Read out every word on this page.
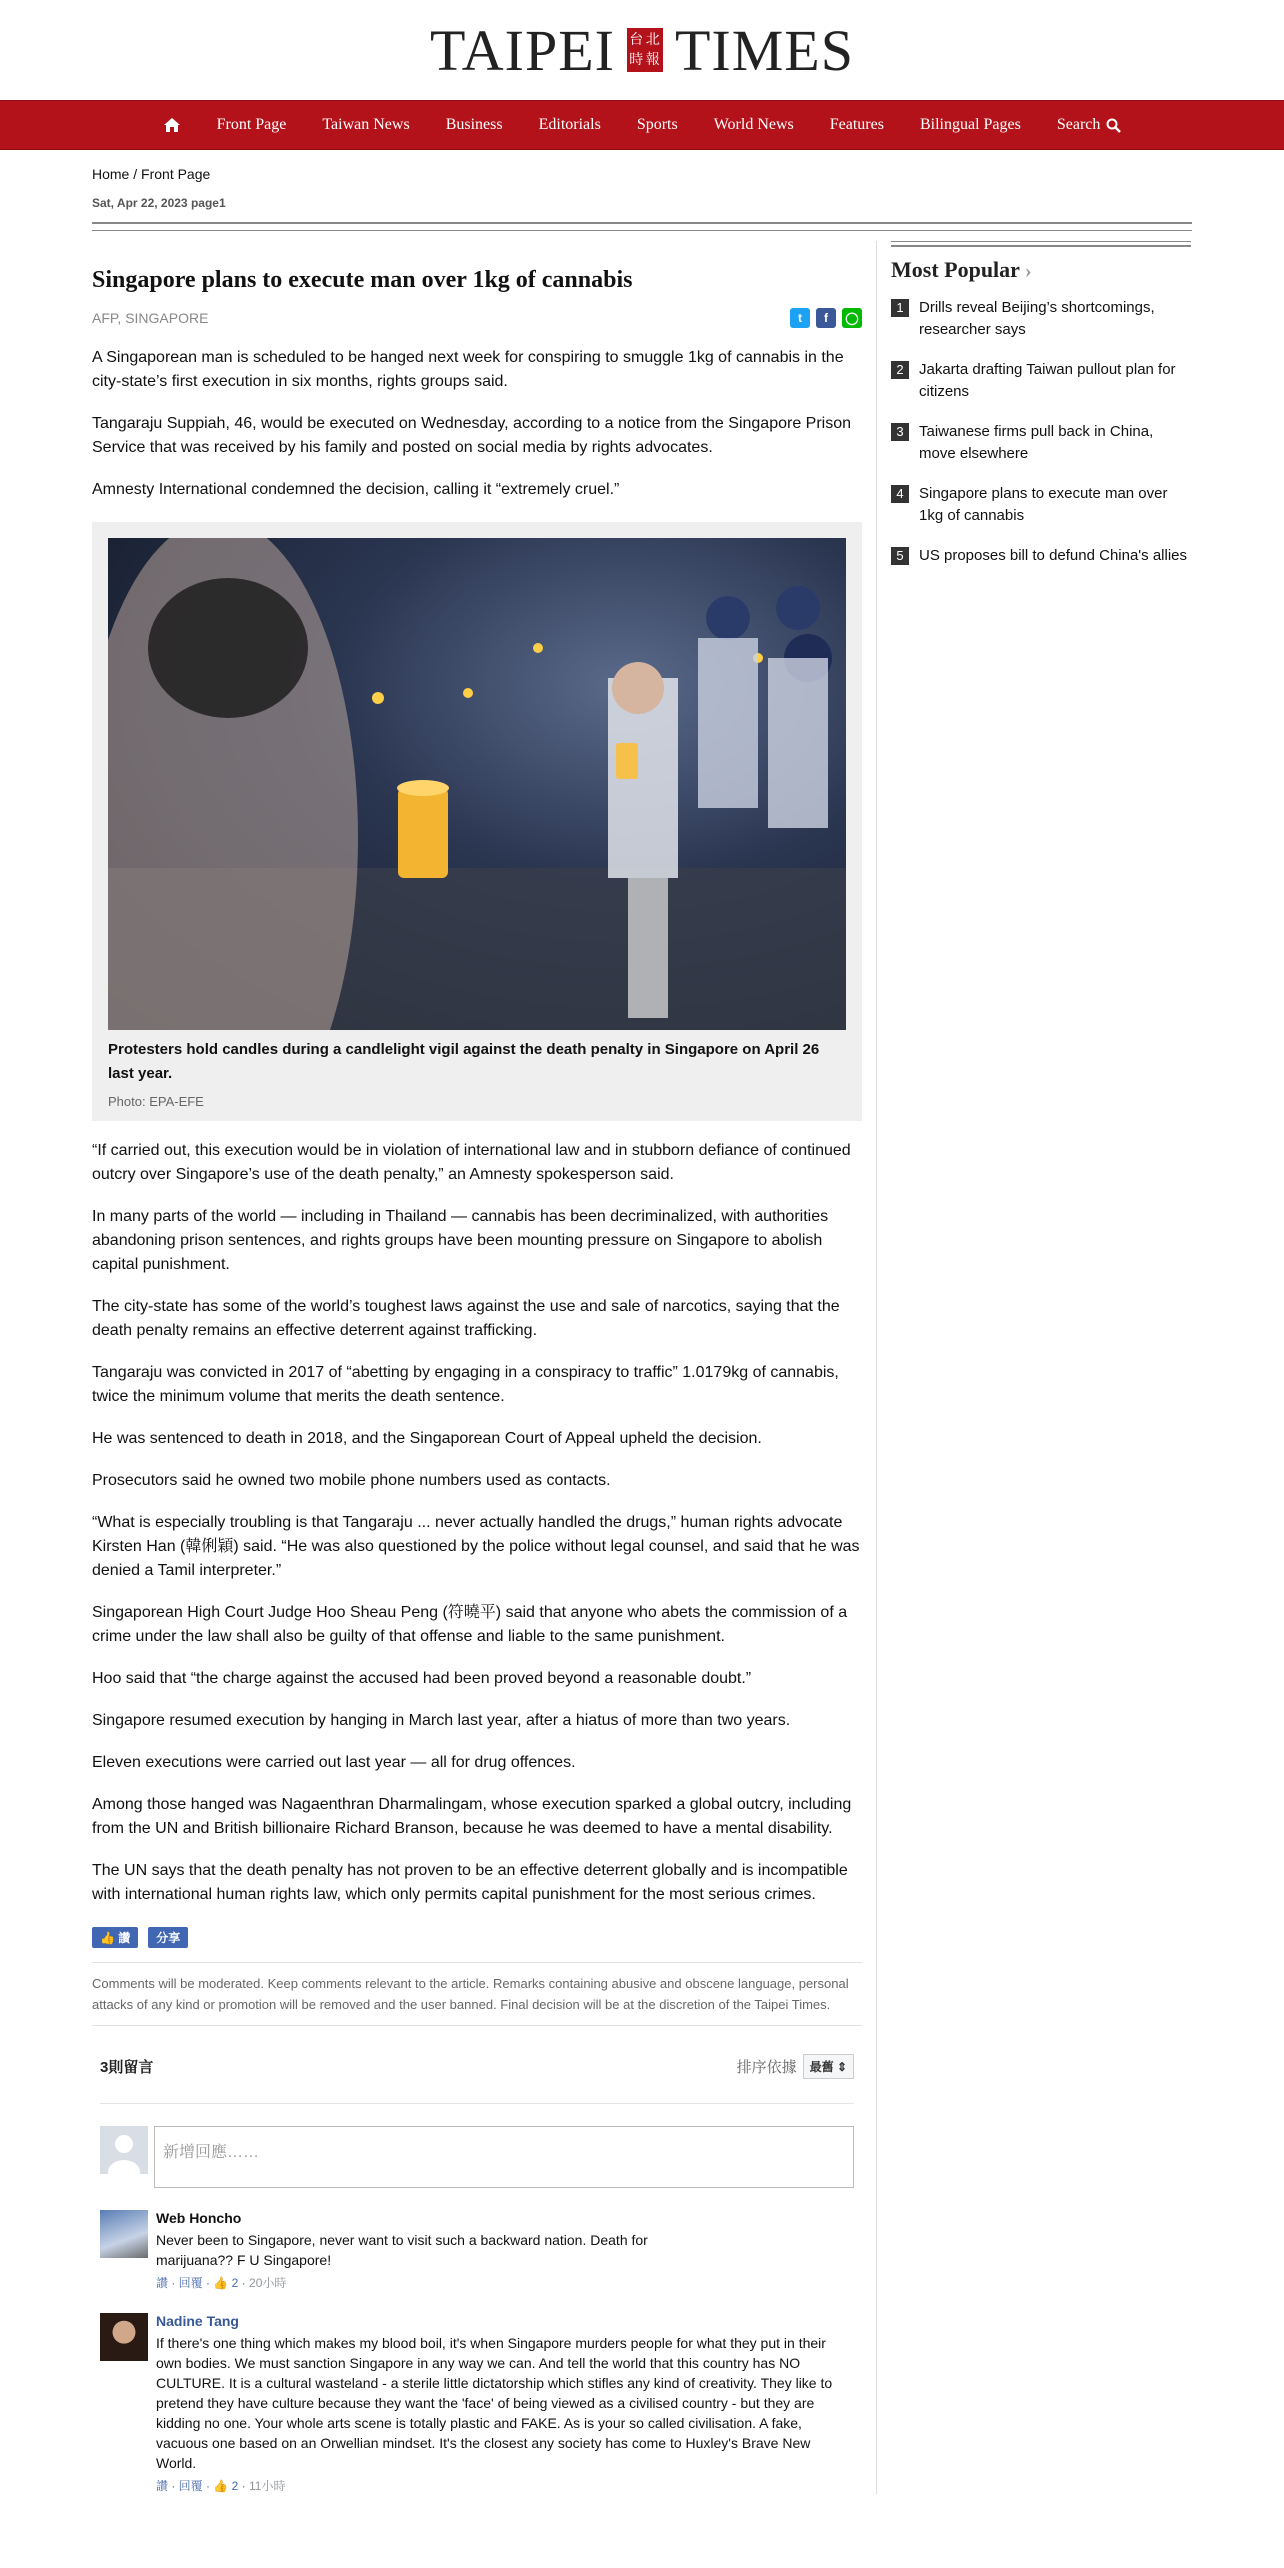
TAIPEI 台 北
時 報 TIMES
Front Page	Taiwan News	Business	Editorials	Sports	World News	Features	Bilingual Pages	Search
Home / Front Page
Sat, Apr 22, 2023 page1
Singapore plans to execute man over 1kg of cannabis
AFP, SINGAPORE	t	f	◯

A Singaporean man is scheduled to be hanged next week for conspiring to smuggle 1kg of cannabis in the city-state’s first execution in six months, rights groups said.

Tangaraju Suppiah, 46, would be executed on Wednesday, according to a notice from the Singapore Prison Service that was received by his family and posted on social media by rights advocates.

Amnesty International condemned the decision, calling it “extremely cruel.”

Protesters hold candles during a candlelight vigil against the death penalty in Singapore on April 26 last year.
Photo: EPA-EFE

“If carried out, this execution would be in violation of international law and in stubborn defiance of continued outcry over Singapore’s use of the death penalty,” an Amnesty spokesperson said.

In many parts of the world — including in Thailand — cannabis has been decriminalized, with authorities abandoning prison sentences, and rights groups have been mounting pressure on Singapore to abolish capital punishment.

The city-state has some of the world’s toughest laws against the use and sale of narcotics, saying that the death penalty remains an effective deterrent against trafficking.

Tangaraju was convicted in 2017 of “abetting by engaging in a conspiracy to traffic” 1.0179kg of cannabis, twice the minimum volume that merits the death sentence.

He was sentenced to death in 2018, and the Singaporean Court of Appeal upheld the decision.

Prosecutors said he owned two mobile phone numbers used as contacts.

“What is especially troubling is that Tangaraju ... never actually handled the drugs,” human rights advocate Kirsten Han (韓俐穎) said. “He was also questioned by the police without legal counsel, and said that he was denied a Tamil interpreter.”

Singaporean High Court Judge Hoo Sheau Peng (符曉平) said that anyone who abets the commission of a crime under the law shall also be guilty of that offense and liable to the same punishment.

Hoo said that “the charge against the accused had been proved beyond a reasonable doubt.”

Singapore resumed execution by hanging in March last year, after a hiatus of more than two years.

Eleven executions were carried out last year — all for drug offences.

Among those hanged was Nagaenthran Dharmalingam, whose execution sparked a global outcry, including from the UN and British billionaire Richard Branson, because he was deemed to have a mental disability.

The UN says that the death penalty has not proven to be an effective deterrent globally and is incompatible with international human rights law, which only permits capital punishment for the most serious crimes.

👍 讚	分享
Comments will be moderated. Keep comments relevant to the article. Remarks containing abusive and obscene language, personal attacks of any kind or promotion will be removed and the user banned. Final decision will be at the discretion of the Taipei Times.
3則留言	排序依據	最舊 ⇕
新增回應……
Web Honcho
Never been to Singapore, never want to visit such a backward nation. Death for marijuana?? F U Singapore!
讚 · 回覆 · 👍 2 · 20小時
Nadine Tang
If there's one thing which makes my blood boil, it's when Singapore murders people for what they put in their own bodies. We must sanction Singapore in any way we can. And tell the world that this country has NO CULTURE. It is a cultural wasteland - a sterile little dictatorship which stifles any kind of creativity. They like to pretend they have culture because they want the 'face' of being viewed as a civilised country - but they are kidding no one. Your whole arts scene is totally plastic and FAKE. As is your so called civilisation. A fake, vacuous one based on an Orwellian mindset. It's the closest any society has come to Huxley's Brave New World.
讚 · 回覆 · 👍 2 · 11小時
Most Popular ›
1	Drills reveal Beijing’s shortcomings, researcher says
2	Jakarta drafting Taiwan pullout plan for citizens
3	Taiwanese firms pull back in China, move elsewhere
4	Singapore plans to execute man over 1kg of cannabis
5	US proposes bill to defund China's allies
